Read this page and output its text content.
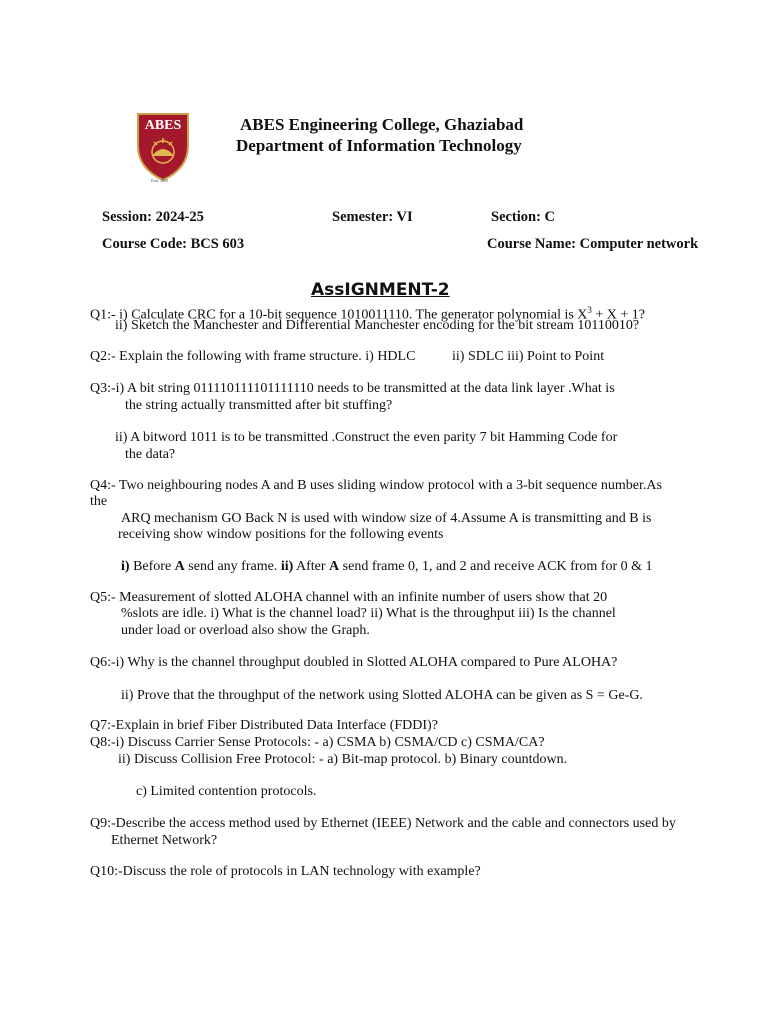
ABES
Estd. 2000
ABES Engineering College, Ghaziabad
Department of Information Technology
Session: 2024-25	Semester: VI	Section: C
Course Code: BCS 603	Course Name: Computer network
AssIGNMENT-2
Q1:- i) Calculate CRC for a 10-bit sequence 1010011110. The generator polynomial is $X^3 + X + 1$?
ii) Sketch the Manchester and Differential Manchester encoding for the bit stream 10110010?
Q2:- Explain the following with frame structure. i) HDLC	ii) SDLC iii) Point to Point
Q3:-i) A bit string 011110111101111110 needs to be transmitted at the data link layer .What is
the string actually transmitted after bit stuffing?
ii) A bitword 1011 is to be transmitted .Construct the even parity 7 bit Hamming Code for
the data?
Q4:- Two neighbouring nodes A and B uses sliding window protocol with a 3-bit sequence number.As
the
ARQ mechanism GO Back N is used with window size of 4.Assume A is transmitting and B is
receiving show window positions for the following events
i) Before A send any frame. ii) After A send frame 0, 1, and 2 and receive ACK from for 0 & 1
Q5:- Measurement of slotted ALOHA channel with an infinite number of users show that 20
%slots are idle. i) What is the channel load? ii) What is the throughput iii) Is the channel
under load or overload also show the Graph.
Q6:-i) Why is the channel throughput doubled in Slotted ALOHA compared to Pure ALOHA?
ii) Prove that the throughput of the network using Slotted ALOHA can be given as S = Ge-G.
Q7:-Explain in brief Fiber Distributed Data Interface (FDDI)?
Q8:-i) Discuss Carrier Sense Protocols: - a) CSMA b) CSMA/CD c) CSMA/CA?
ii) Discuss Collision Free Protocol: - a) Bit-map protocol. b) Binary countdown.
c) Limited contention protocols.
Q9:-Describe the access method used by Ethernet (IEEE) Network and the cable and connectors used by
Ethernet Network?
Q10:-Discuss the role of protocols in LAN technology with example?
